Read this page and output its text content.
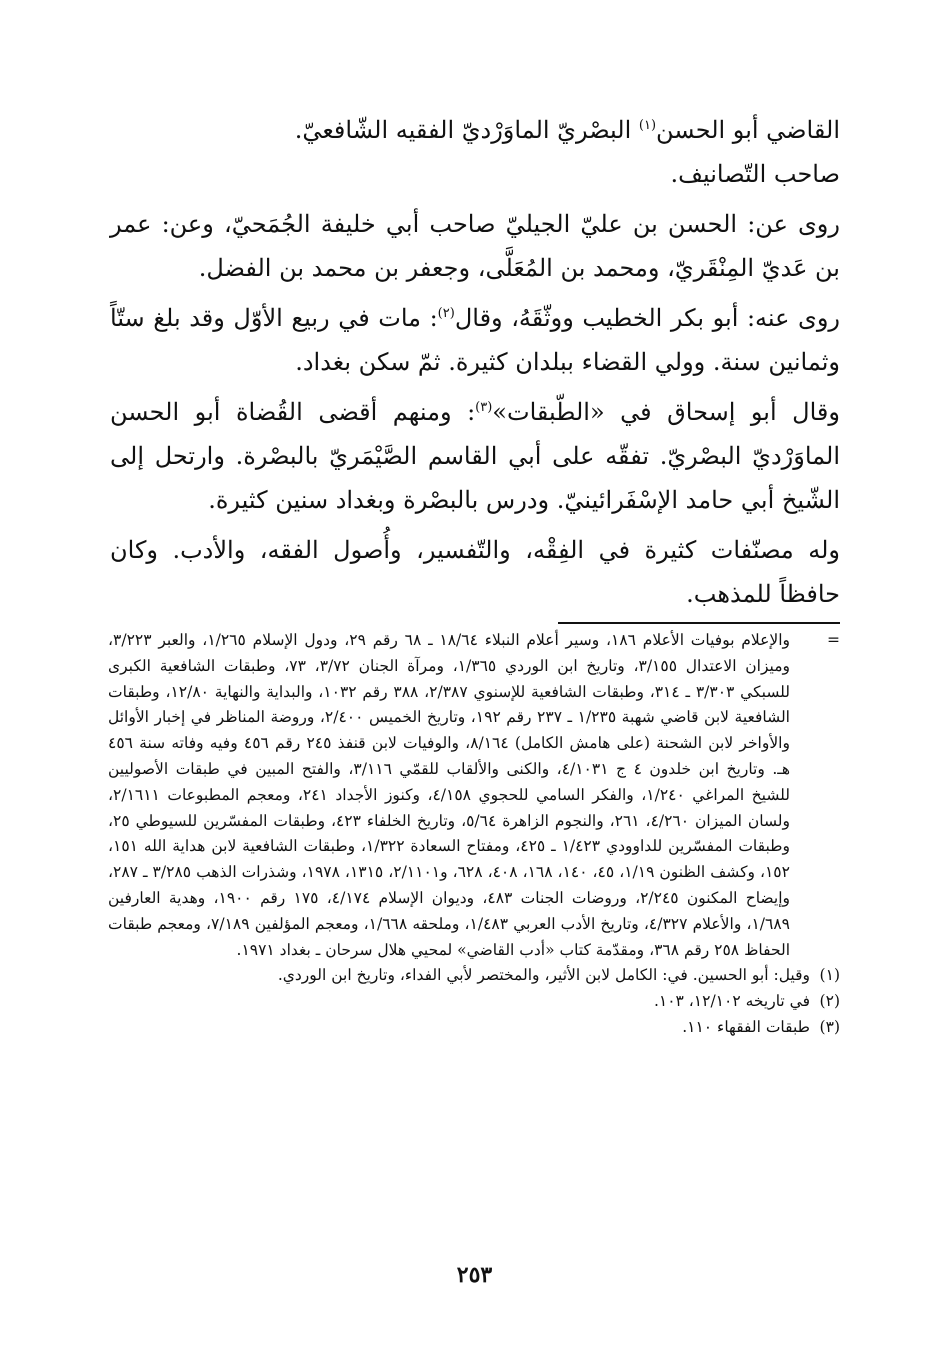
القاضي أبو الحسن$^{(١)}$ البصْريّ الماوَرْديّ الفقيه الشّافعيّ.

صاحب التّصانيف.

روى عن: الحسن بن عليّ الجيليّ صاحب أبي خليفة الجُمَحيّ، وعن: عمر بن عَديّ المِنْقَريّ، ومحمد بن المُعَلَّى، وجعفر بن محمد بن الفضل.

روى عنه: أبو بكر الخطيب ووثّقَهُ، وقال$^{(٢)}$: مات في ربيع الأوّل وقد بلغ ستّاً وثمانين سنة. وولي القضاء ببلدان كثيرة. ثمّ سكن بغداد.

وقال أبو إسحاق في «الطّبقات»$^{(٣)}$: ومنهم أقضى القُضاة أبو الحسن الماوَرْديّ البصْريّ. تفقّه على أبي القاسم الصَّيْمَريّ بالبصْرة. وارتحل إلى الشّيخ أبي حامد الإسْفَرائينيّ. ودرس بالبصْرة وبغداد سنين كثيرة.

وله مصنّفات كثيرة في الفِقْه، والتّفسير، وأُصول الفقه، والأدب. وكان حافظاً للمذهب.

=
والإعلام بوفيات الأعلام ١٨٦، وسير أعلام النبلاء ١٨/٦٤ ـ ٦٨ رقم ٢٩، ودول الإسلام ١/٢٦٥، والعبر ٣/٢٢٣، وميزان الاعتدال ٣/١٥٥، وتاريخ ابن الوردي ١/٣٦٥، ومرآة الجنان ٣/٧٢، ٧٣، وطبقات الشافعية الكبرى للسبكي ٣/٣٠٣ ـ ٣١٤، وطبقات الشافعية للإسنوي ٢/٣٨٧، ٣٨٨ رقم ١٠٣٢، والبداية والنهاية ١٢/٨٠، وطبقات الشافعية لابن قاضي شهبة ١/٢٣٥ ـ ٢٣٧ رقم ١٩٢، وتاريخ الخميس ٢/٤٠٠، وروضة المناظر في إخبار الأوائل والأواخر لابن الشحنة (على هامش الكامل) ٨/١٦٤، والوفيات لابن قنفذ ٢٤٥ رقم ٤٥٦ وفيه وفاته سنة ٤٥٦ هـ. وتاريخ ابن خلدون ٤ ج ٤/١٠٣١، والكنى والألقاب للقمّي ٣/١١٦، والفتح المبين في طبقات الأصوليين للشيخ المراغي ١/٢٤٠، والفكر السامي للحجوي ٤/١٥٨، وكنوز الأجداد ٢٤١، ومعجم المطبوعات ٢/١٦١١، ولسان الميزان ٤/٢٦٠، ٢٦١، والنجوم الزاهرة ٥/٦٤، وتاريخ الخلفاء ٤٢٣، وطبقات المفسّرين للسيوطي ٢٥، وطبقات المفسّرين للداوودي ١/٤٢٣ ـ ٤٢٥، ومفتاح السعادة ١/٣٢٢، وطبقات الشافعية لابن هداية الله ١٥١، ١٥٢، وكشف الظنون ١/١٩، ٤٥، ١٤٠، ١٦٨، ٤٠٨، ٦٢٨، و٢/١١٠١، ١٣١٥، ١٩٧٨، وشذرات الذهب ٣/٢٨٥ ـ ٢٨٧، وإيضاح المكنون ٢/٢٤٥، وروضات الجنات ٤٨٣، وديوان الإسلام ٤/١٧٤، ١٧٥ رقم ١٩٠٠، وهدية العارفين ١/٦٨٩، والأعلام ٤/٣٢٧، وتاريخ الأدب العربي ١/٤٨٣، وملحقه ١/٦٦٨، ومعجم المؤلفين ٧/١٨٩، ومعجم طبقات الحفاظ ٢٥٨ رقم ٣٦٨، ومقدّمة كتاب «أدب القاضي» لمحيي هلال سرحان ـ بغداد ١٩٧١.

(١)
وقيل: أبو الحسين. في: الكامل لابن الأثير، والمختصر لأبي الفداء، وتاريخ ابن الوردي.

(٢)
في تاريخه ١٢/١٠٢، ١٠٣.

(٣)
طبقات الفقهاء ١١٠.

٢٥٣
